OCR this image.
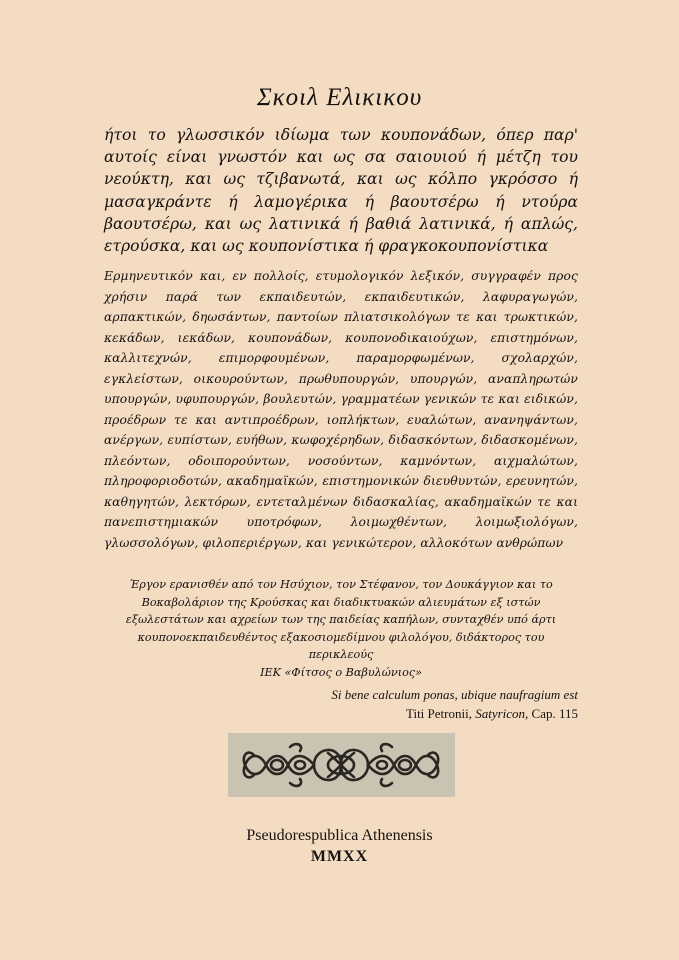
Σκοιλ Ελικικου

ήτοι το γλωσσικόν ιδίωμα των κουπονάδων, όπερ παρ' αυτοίς είναι γνωστόν και ως σα σαιουιού ή μέτζη του νεούκτη, και ως τζιβανωτά, και ως κόλπο γκρόσσο ή μασαγκράντε ή λαμογέρικα ή βαουτσέρω ή ντούρα βαουτσέρω, και ως λατινικά ή βαθιά λατινικά, ή απλώς, ετρούσκα, και ως κουπονίστικα ή φραγκοκουπονίστικα

Ερμηνευτικόν και, εν πολλοίς, ετυμολογικόν λεξικόν, συγγραφέν προς χρήσιν παρά των εκπαιδευτών, εκπαιδευτικών, λαφυραγωγών, αρπακτικών, δηωσάντων, παντοίων πλιατσικολόγων τε και τρωκτικών, κεκάδων, ιεκάδων, κουπονάδων, κουπονοδικαιούχων, επιστημόνων, καλλιτεχνών, επιμορφουμένων, παραμορφωμένων, σχολαρχών, εγκλείστων, οικουρούντων, πρωθυπουργών, υπουργών, αναπληρωτών υπουργών, υφυπουργών, βουλευτών, γραμματέων γενικών τε και ειδικών, προέδρων τε και αντιπροέδρων, ιοπλήκτων, ευαλώτων, ανανηψάντων, ανέργων, ευπίστων, ευήθων, κωφοχέρηδων, διδασκόντων, διδασκομένων, πλεόντων, οδοιπορούντων, νοσούντων, καμνόντων, αιχμαλώτων, πληροφοριοδοτών, ακαδημαϊκών, επιστημονικών διευθυντών, ερευνητών, καθηγητών, λεκτόρων, εντεταλμένων διδασκαλίας, ακαδημαϊκών τε και πανεπιστημιακών υποτρόφων, λοιμωχθέντων, λοιμωξιολόγων, γλωσσολόγων, φιλοπεριέργων, και γενικώτερον, αλλοκότων ανθρώπων

Έργον ερανισθέν από τον Ησύχιον, τον Στέφανον, τον Δουκάγγιον και το Βοκαβολάριον της Κρούσκας και διαδικτυακών αλιευμάτων εξ ιστών εξωλεστάτων και αχρείων των της παιδείας καπήλων, συνταχθέν υπό άρτι κουπονοεκπαιδευθέντος εξακοσιομεδίμνου φιλολόγου, διδάκτορος του περικλεούς
ΙΕΚ «Φίτσος ο Βαβυλώνιος»

Si bene calculum ponas, ubique naufragium est
Titi Petronii, Satyricon, Cap. 115
Pseudorespublica Athenensis
MMXX
